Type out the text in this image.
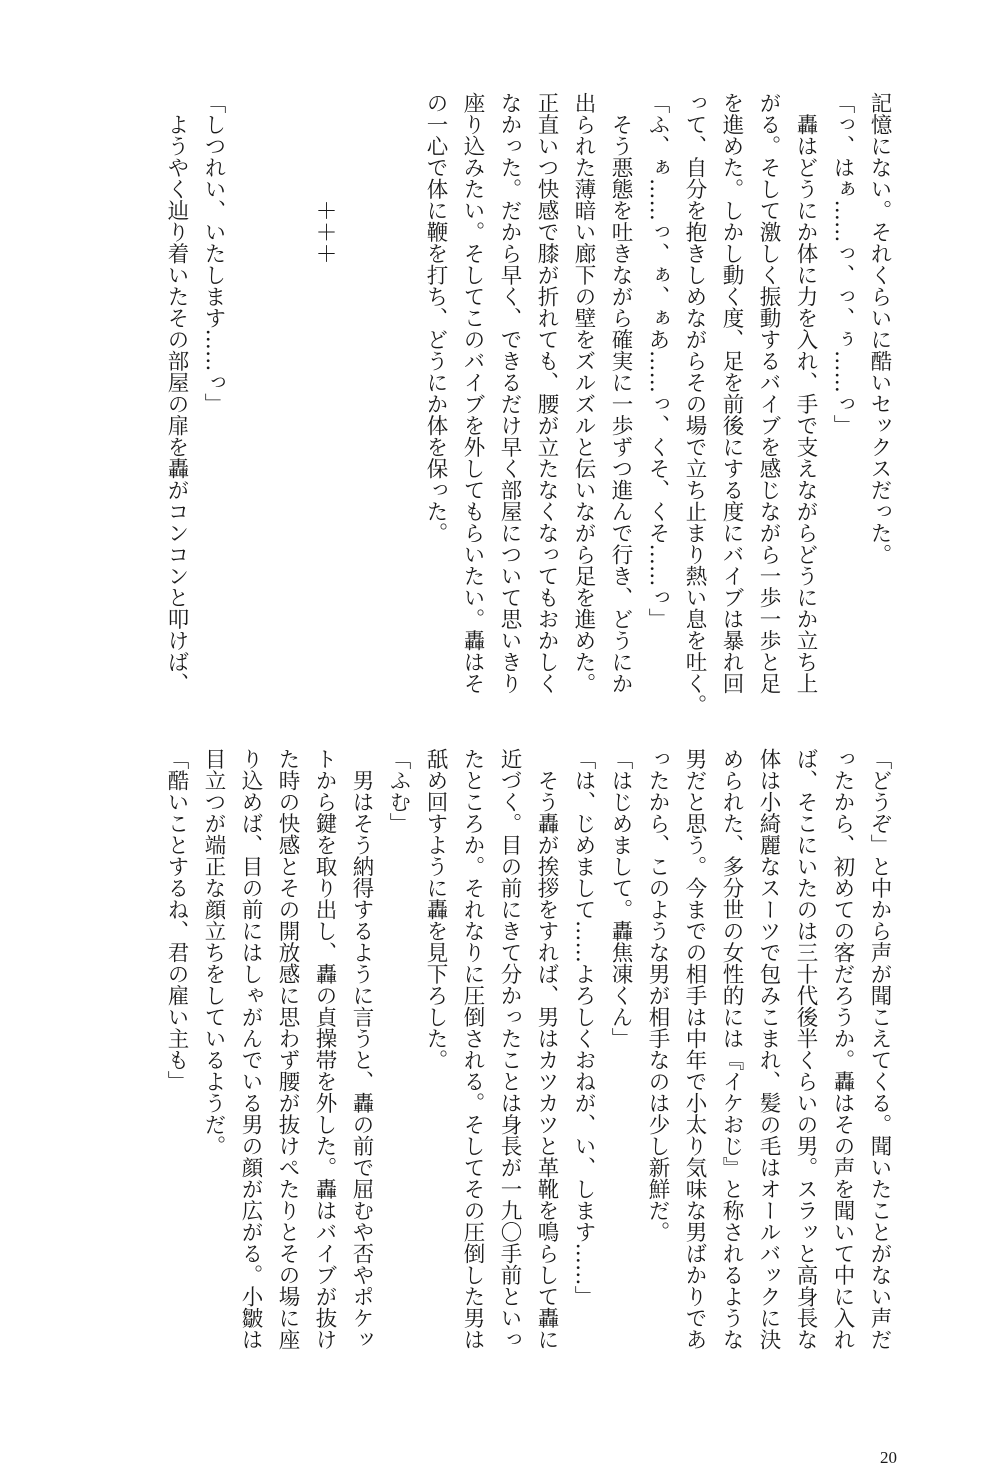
記憶にない。それくらいに酷いセックスだった。
「っ、はぁ……っ、っ、ぅ……っ」
　轟はどうにか体に力を入れ、手で支えながらどうにか立ち上
がる。そして激しく振動するバイブを感じながら一歩一歩と足
を進めた。しかし動く度、足を前後にする度にバイブは暴れ回
って、自分を抱きしめながらその場で立ち止まり熱い息を吐く。
「ふ、ぁ……っ、ぁ、ぁあ……っ、くそ、くそ……っ」
　そう悪態を吐きながら確実に一歩ずつ進んで行き、どうにか
出られた薄暗い廊下の壁をズルズルと伝いながら足を進めた。
正直いつ快感で膝が折れても、腰が立たなくなってもおかしく
なかった。だから早く、できるだけ早く部屋について思いきり
座り込みたい。そしてこのバイブを外してもらいたい。轟はそ
の一心で体に鞭を打ち、どうにか体を保った。
　　　　　＋＋＋
「しつれい、いたします……っ」
　ようやく辿り着いたその部屋の扉を轟がコンコンと叩けば、
「どうぞ」と中から声が聞こえてくる。聞いたことがない声だ
ったから、初めての客だろうか。轟はその声を聞いて中に入れ
ば、そこにいたのは三十代後半くらいの男。スラッと高身長な
体は小綺麗なスーツで包みこまれ、髪の毛はオールバックに決
められた、多分世の女性的には『イケおじ』と称されるような
男だと思う。今までの相手は中年で小太り気味な男ばかりであ
ったから、このような男が相手なのは少し新鮮だ。
「はじめまして。轟焦凍くん」
「は、じめまして……よろしくおねが、い、します……」
　そう轟が挨拶をすれば、男はカツカツと革靴を鳴らして轟に
近づく。目の前にきて分かったことは身長が一九〇手前といっ
たところか。それなりに圧倒される。そしてその圧倒した男は
舐め回すように轟を見下ろした。
「ふむ」
　男はそう納得するように言うと、轟の前で屈むや否やポケッ
トから鍵を取り出し、轟の貞操帯を外した。轟はバイブが抜け
た時の快感とその開放感に思わず腰が抜けぺたりとその場に座
り込めば、目の前にはしゃがんでいる男の顔が広がる。小皺は
目立つが端正な顔立ちをしているようだ。
「酷いことするね、君の雇い主も」
20
